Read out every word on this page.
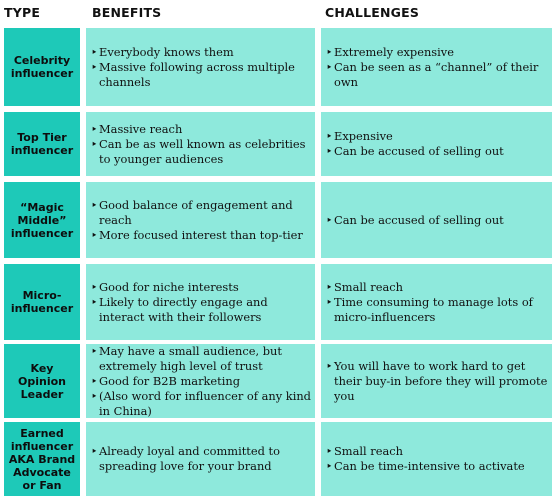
TYPE	BENEFITS	CHALLENGES
Celebrity influencer
‣ Everybody knows them
‣ Massive following across multiple channels
‣ Extremely expensive
‣ Can be seen as a “channel” of their own
Top Tier influencer
‣ Massive reach
‣ Can be as well known as celebrities to younger audiences
‣ Expensive
‣ Can be accused of selling out
“Magic Middle” influencer
‣ Good balance of engagement and reach
‣ More focused interest than top-tier
‣ Can be accused of selling out
Micro-influencer
‣ Good for niche interests
‣ Likely to directly engage and interact with their followers
‣ Small reach
‣ Time consuming to manage lots of micro-influencers
Key Opinion Leader
‣ May have a small audience, but extremely high level of trust
‣ Good for B2B marketing
‣ (Also word for influencer of any kind in China)
‣ You will have to work hard to get their buy-in before they will promote you
Earned influencer AKA Brand Advocate or Fan
‣ Already loyal and committed to spreading love for your brand
‣ Small reach
‣ Can be time-intensive to activate
